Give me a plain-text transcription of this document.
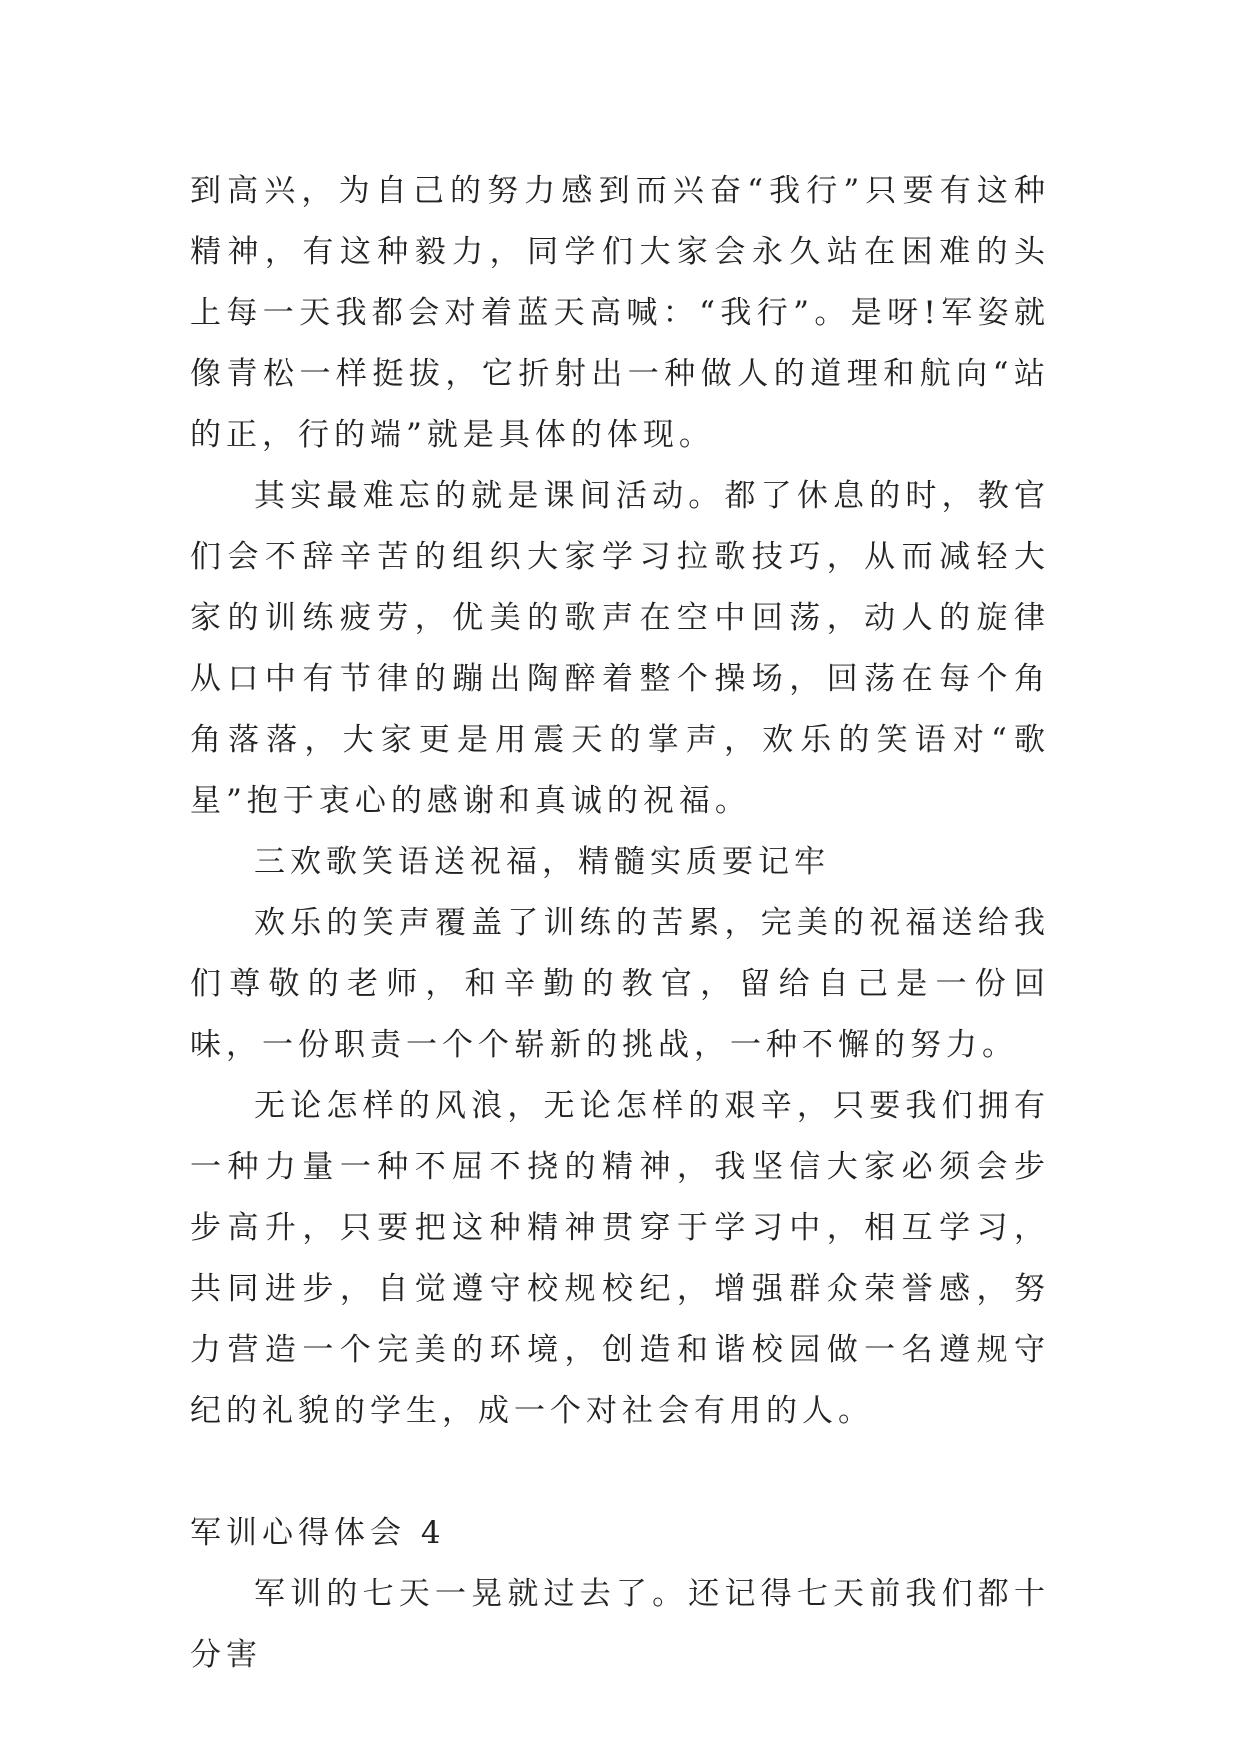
到高兴，为自己的努力感到而兴奋“我行”只要有这种精神，有这种毅力，同学们大家会永久站在困难的头上每一天我都会对着蓝天高喊：“我行”。是呀!军姿就像青松一样挺拔，它折射出一种做人的道理和航向“站的正，行的端”就是具体的体现。

其实最难忘的就是课间活动。都了休息的时，教官们会不辞辛苦的组织大家学习拉歌技巧，从而减轻大家的训练疲劳，优美的歌声在空中回荡，动人的旋律从口中有节律的蹦出陶醉着整个操场，回荡在每个角角落落，大家更是用震天的掌声，欢乐的笑语对“歌星”抱于衷心的感谢和真诚的祝福。

三欢歌笑语送祝福，精髓实质要记牢

欢乐的笑声覆盖了训练的苦累，完美的祝福送给我们尊敬的老师，和辛勤的教官，留给自己是一份回味，一份职责一个个崭新的挑战，一种不懈的努力。

无论怎样的风浪，无论怎样的艰辛，只要我们拥有一种力量一种不屈不挠的精神，我坚信大家必须会步步高升，只要把这种精神贯穿于学习中，相互学习，共同进步，自觉遵守校规校纪，增强群众荣誉感，努力营造一个完美的环境，创造和谐校园做一名遵规守纪的礼貌的学生，成一个对社会有用的人。

军训心得体会 4

军训的七天一晃就过去了。还记得七天前我们都十分害
